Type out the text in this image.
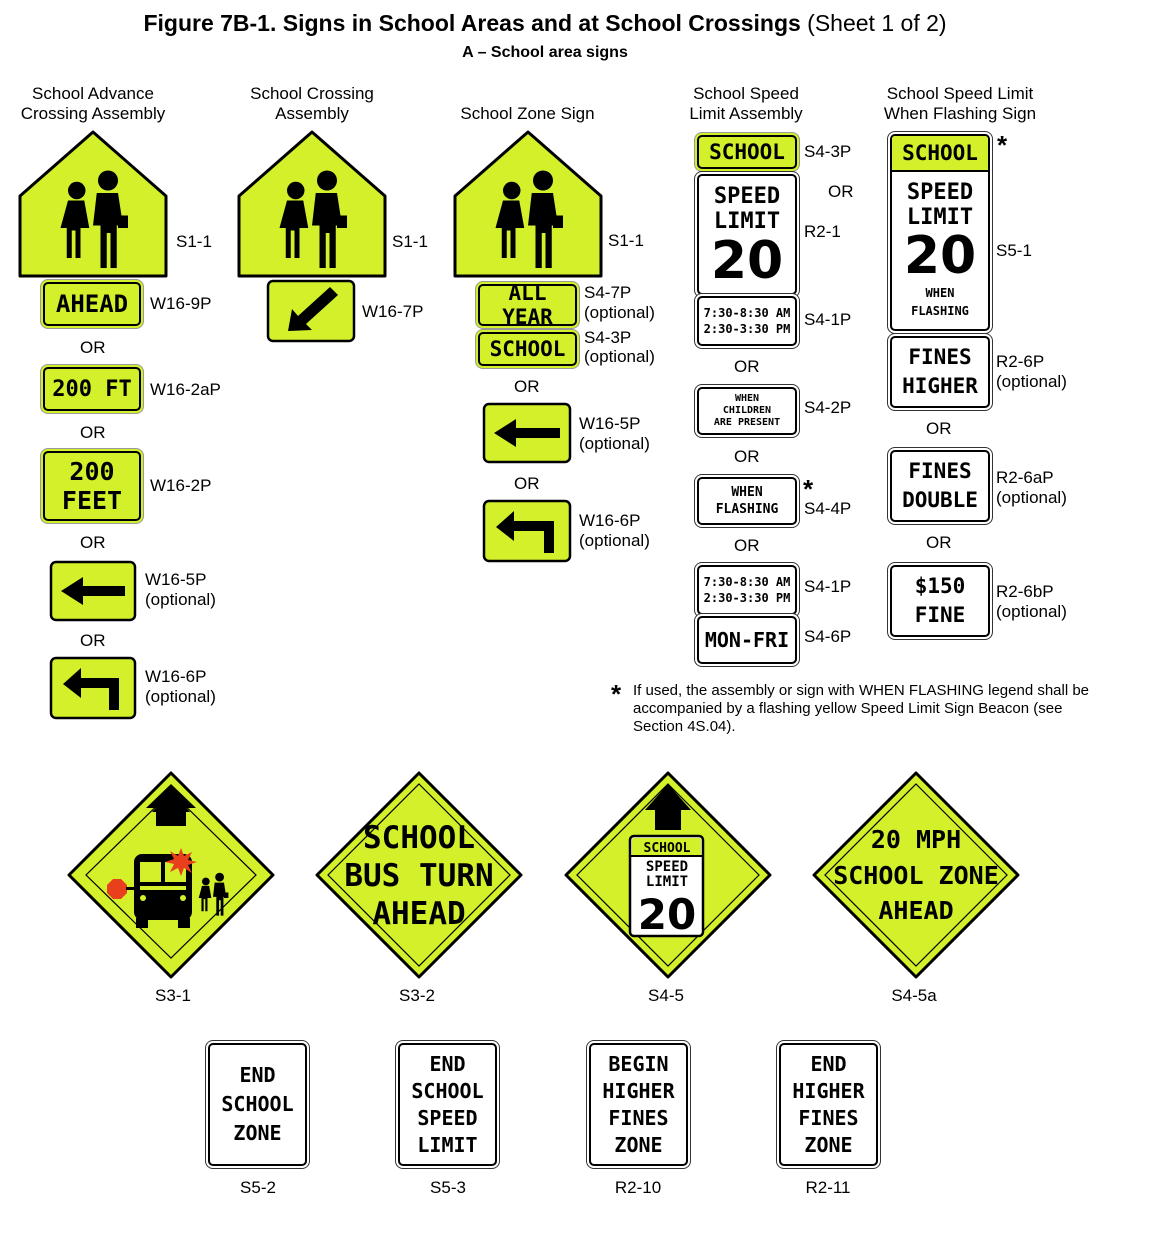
Figure 7B-1. Signs in School Areas and at School Crossings (Sheet 1 of 2)
A – School area signs
School Advance
Crossing Assembly
School Crossing
Assembly	School Zone Sign
School Speed
Limit Assembly
School Speed Limit
When Flashing Sign
S1-1
AHEAD	W16-9P
OR
200 FT	W16-2aP
OR
200
FEET
W16-2P
OR
W16-5P
(optional)
OR
W16-6P
(optional)
S1-1
W16-7P
S1-1
ALL YEAR
S4-7P
(optional)
SCHOOL	S4-3P
(optional)
OR
W16-5P
(optional)
OR
W16-6P
(optional)
SCHOOL	S4-3P
OR
SPEED
LIMIT
20 R2-1
7:30-8:30 AM
2:30-3:30 PM S4-1P
OR
WHEN
CHILDREN
ARE PRESENT
S4-2P
OR
WHEN
FLASHING
*
S4-4P
OR
7:30-8:30 AM
2:30-3:30 PM
S4-1P
MON-FRI S4-6P
SCHOOL
SPEED
LIMIT
20
WHEN
FLASHING
*
S5-1
FINES
HIGHER
R2-6P
(optional)
OR
FINES
DOUBLE
R2-6aP
(optional)
OR
$150
FINE
R2-6bP
(optional)
* If used, the assembly or sign with WHEN FLASHING legend shall be accompanied by a flashing yellow Speed Limit Sign Beacon (see Section 4S.04).
S3-1
SCHOOL
BUS TURN
AHEAD
S3-2
SCHOOL
SPEED
LIMIT
20
S4-5
20 MPH
SCHOOL ZONE
AHEAD
S4-5a
END
SCHOOL
ZONE
S5-2
END
SCHOOL
SPEED
LIMIT
S5-3
BEGIN
HIGHER
FINES
ZONE
R2-10
END
HIGHER
FINES
ZONE
R2-11
